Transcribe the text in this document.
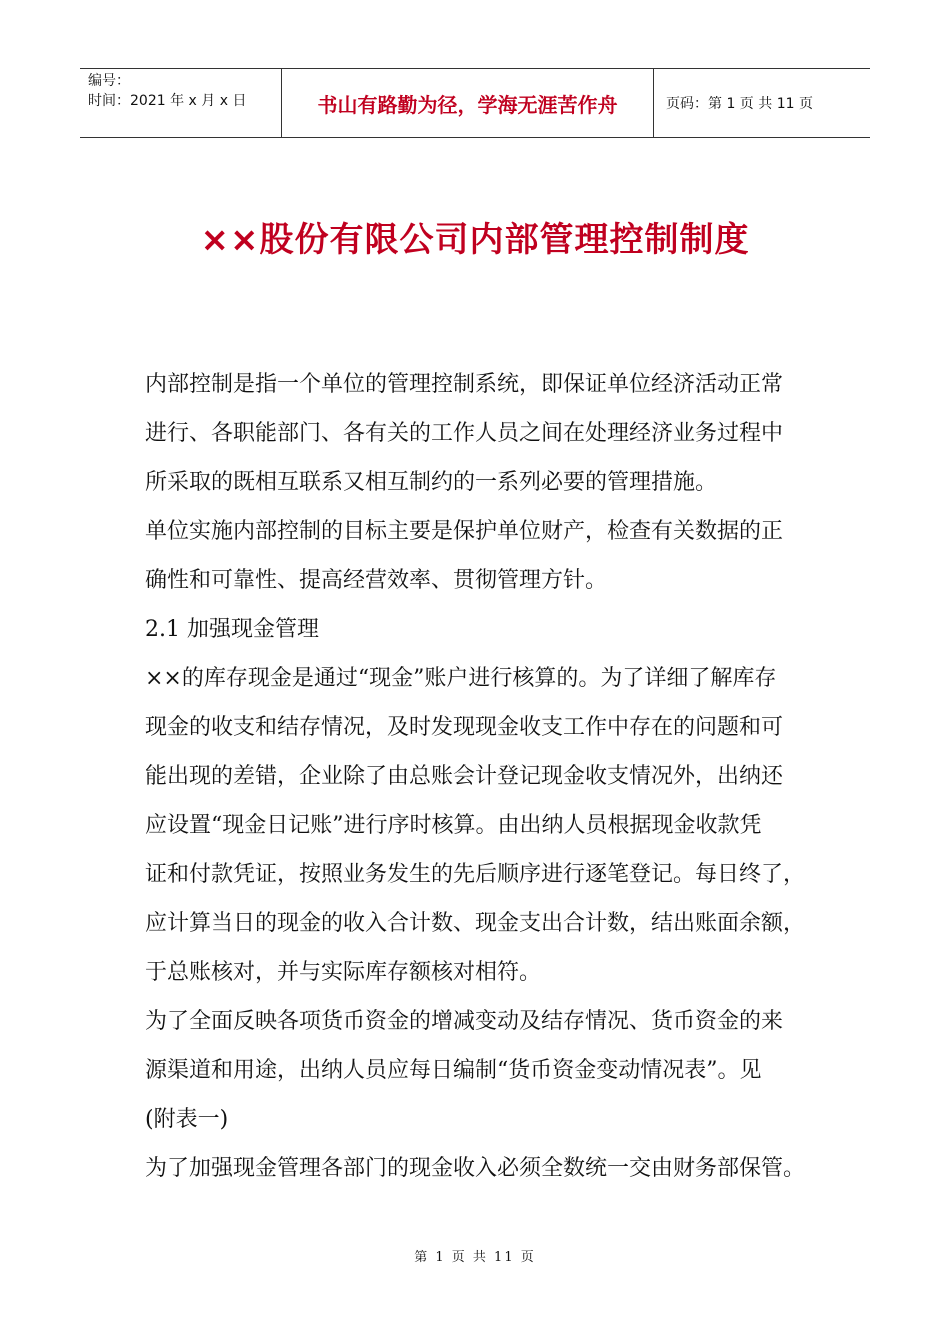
编号：
时间：2021 年 x 月 x 日	书山有路勤为径，学海无涯苦作舟	页码：第 1 页 共 11 页
××股份有限公司内部管理控制制度

内部控制是指一个单位的管理控制系统，即保证单位经济活动正常
进行、各职能部门、各有关的工作人员之间在处理经济业务过程中
所采取的既相互联系又相互制约的一系列必要的管理措施。

单位实施内部控制的目标主要是保护单位财产，检查有关数据的正
确性和可靠性、提高经营效率、贯彻管理方针。

2.1 加强现金管理

××的库存现金是通过“现金”账户进行核算的。为了详细了解库存
现金的收支和结存情况，及时发现现金收支工作中存在的问题和可
能出现的差错，企业除了由总账会计登记现金收支情况外，出纳还
应设置“现金日记账”进行序时核算。由出纳人员根据现金收款凭
证和付款凭证，按照业务发生的先后顺序进行逐笔登记。每日终了，
应计算当日的现金的收入合计数、现金支出合计数，结出账面余额，
于总账核对，并与实际库存额核对相符。

为了全面反映各项货币资金的增减变动及结存情况、货币资金的来
源渠道和用途，出纳人员应每日编制“货币资金变动情况表”。见
(附表一)

为了加强现金管理各部门的现金收入必须全数统一交由财务部保管。

第 1 页 共 11 页
